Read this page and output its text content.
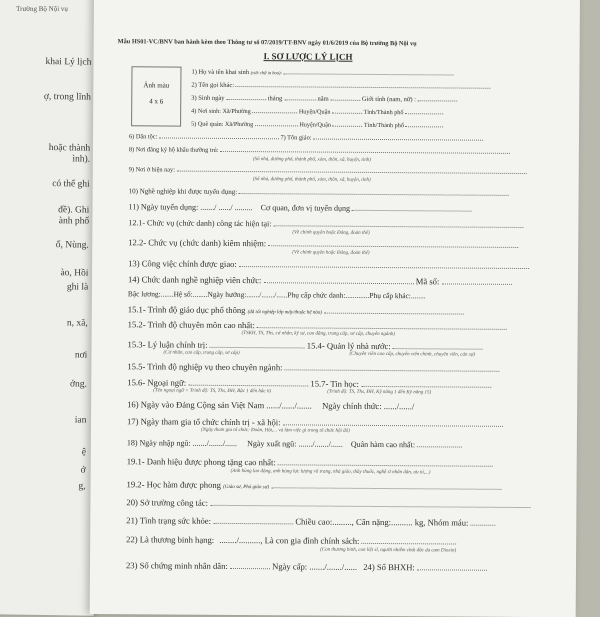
Trường Bộ Nội vụ
khai Lý lịch
ợ, trong lĩnh
hoặc thành
ình).
có thể ghi
đề). Ghi
ành phố
ố, Nùng.
ào, Hồi
ghi là
n, xã,
nơi
ớng.
ian
ệ
ớ
g,
Mẫu HS01-VC/BNV ban hành kèm theo Thông tư số 07/2019/TT-BNV ngày 01/6/2019 của Bộ trưởng Bộ Nội vụ
I. SƠ LƯỢC LÝ LỊCH
Ảnh màu
4 x 6
1) Họ và tên khai sinh (viết chữ in hoa):
2) Tên gọi khác:
3) Sinh ngày	tháng	năm	Giới tính (nam, nữ) :
4) Nơi sinh: Xã/Phường	Huyện/Quận	Tỉnh/Thành phố
5) Quê quán: Xã/Phường	Huyện/Quận	Tỉnh/Thành phố
6) Dân tộc:	7) Tôn giáo:
8) Nơi đăng ký hộ khẩu thường trú:
(Số nhà, đường phố, thành phố, xóm, thôn, xã, huyện, tỉnh)
9) Nơi ở hiện nay:
(Số nhà, đường phố, thành phố, xóm, thôn, xã, huyện, tỉnh)
10) Nghề nghiệp khi được tuyển dụng:
11) Ngày tuyển dụng: ......./ ....../ ......... Cơ quan, đơn vị tuyển dụng
12.1- Chức vụ (chức danh) công tác hiện tại:
(Về chính quyền hoặc Đảng, đoàn thể)
12.2- Chức vụ (chức danh) kiêm nhiệm:
(Về chính quyền hoặc Đảng, đoàn thể)
13) Công việc chính được giao:
14) Chức danh nghề nghiệp viên chức:	Mã số:
Bậc lương:.......Hệ số:........Ngày hưởng:......./......./......Phụ cấp chức danh:.............Phụ cấp khác:........
15.1- Trình độ giáo dục phổ thông (đã tốt nghiệp lớp mấy/thuộc hệ nào)
15.2- Trình độ chuyên môn cao nhất:
(TSKH, TS, Ths, cử nhân, kỹ sư, cao đẳng, trung cấp, sơ cấp, chuyên ngành)
15.3- Lý luận chính trị:	15.4- Quản lý nhà nước:
(Cử nhân, cao cấp, trung cấp, sơ cấp)	(Chuyên viên cao cấp, chuyên viên chính, chuyên viên, cán sự)
15.5- Trình độ nghiệp vụ theo chuyên ngành:
15.6- Ngoại ngữ:	15.7- Tin học:
(Tên ngoại ngữ + Trình độ: TS, Ths, ĐH, Bậc 1 đến bậc 6)	(Trình độ: TS, Ths, ĐH, Kỹ năng 1 đến Kỹ năng 15)
16) Ngày vào Đảng Cộng sản Việt Nam ....../....../....... Ngày chính thức: ....../....../
17) Ngày tham gia tổ chức chính trị - xã hội:
(Ngày tham gia tổ chức: Đoàn, Hội,... và làm việc gì trong tổ chức hội đó)
18) Ngày nhập ngũ: ......./......./...... Ngày xuất ngũ: ......./......./...... Quân hàm cao nhất:
19.1- Danh hiệu được phong tặng cao nhất:
(Anh hùng lao động, anh hùng lực lượng vũ trang, nhà giáo, thầy thuốc, nghệ sĩ nhân dân, ưu tú,...)
19.2- Học hàm được phong (Giáo sư, Phó giáo sư)
20) Sở trường công tác:
21) Tình trạng sức khỏe:	Chiều cao:........., Cân nặng:.......... kg, Nhóm máu:
22) Là thương binh hạng: ......../.........., Là con gia đình chính sách:
(Con thương binh, con liệt sĩ, người nhiễm chất độc da cam Dioxin)
23) Số chứng minh nhân dân:	Ngày cấp: ......./......./...... 24) Sổ BHXH:
